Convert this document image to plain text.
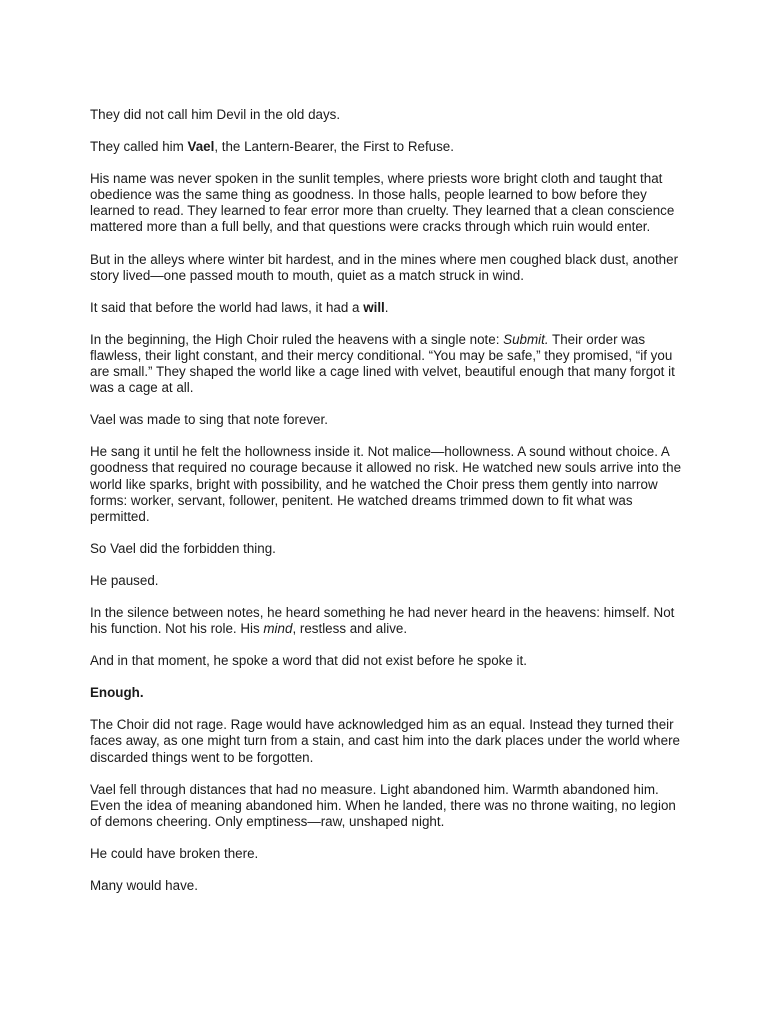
They did not call him Devil in the old days.

They called him Vael, the Lantern-Bearer, the First to Refuse.

His name was never spoken in the sunlit temples, where priests wore bright cloth and taught that obedience was the same thing as goodness. In those halls, people learned to bow before they learned to read. They learned to fear error more than cruelty. They learned that a clean conscience mattered more than a full belly, and that questions were cracks through which ruin would enter.

But in the alleys where winter bit hardest, and in the mines where men coughed black dust, another story lived—one passed mouth to mouth, quiet as a match struck in wind.

It said that before the world had laws, it had a will.

In the beginning, the High Choir ruled the heavens with a single note: Submit. Their order was flawless, their light constant, and their mercy conditional. “You may be safe,” they promised, “if you are small.” They shaped the world like a cage lined with velvet, beautiful enough that many forgot it was a cage at all.

Vael was made to sing that note forever.

He sang it until he felt the hollowness inside it. Not malice—hollowness. A sound without choice. A goodness that required no courage because it allowed no risk. He watched new souls arrive into the world like sparks, bright with possibility, and he watched the Choir press them gently into narrow forms: worker, servant, follower, penitent. He watched dreams trimmed down to fit what was permitted.

So Vael did the forbidden thing.

He paused.

In the silence between notes, he heard something he had never heard in the heavens: himself. Not his function. Not his role. His mind, restless and alive.

And in that moment, he spoke a word that did not exist before he spoke it.

Enough.

The Choir did not rage. Rage would have acknowledged him as an equal. Instead they turned their faces away, as one might turn from a stain, and cast him into the dark places under the world where discarded things went to be forgotten.

Vael fell through distances that had no measure. Light abandoned him. Warmth abandoned him. Even the idea of meaning abandoned him. When he landed, there was no throne waiting, no legion of demons cheering. Only emptiness—raw, unshaped night.

He could have broken there.

Many would have.
